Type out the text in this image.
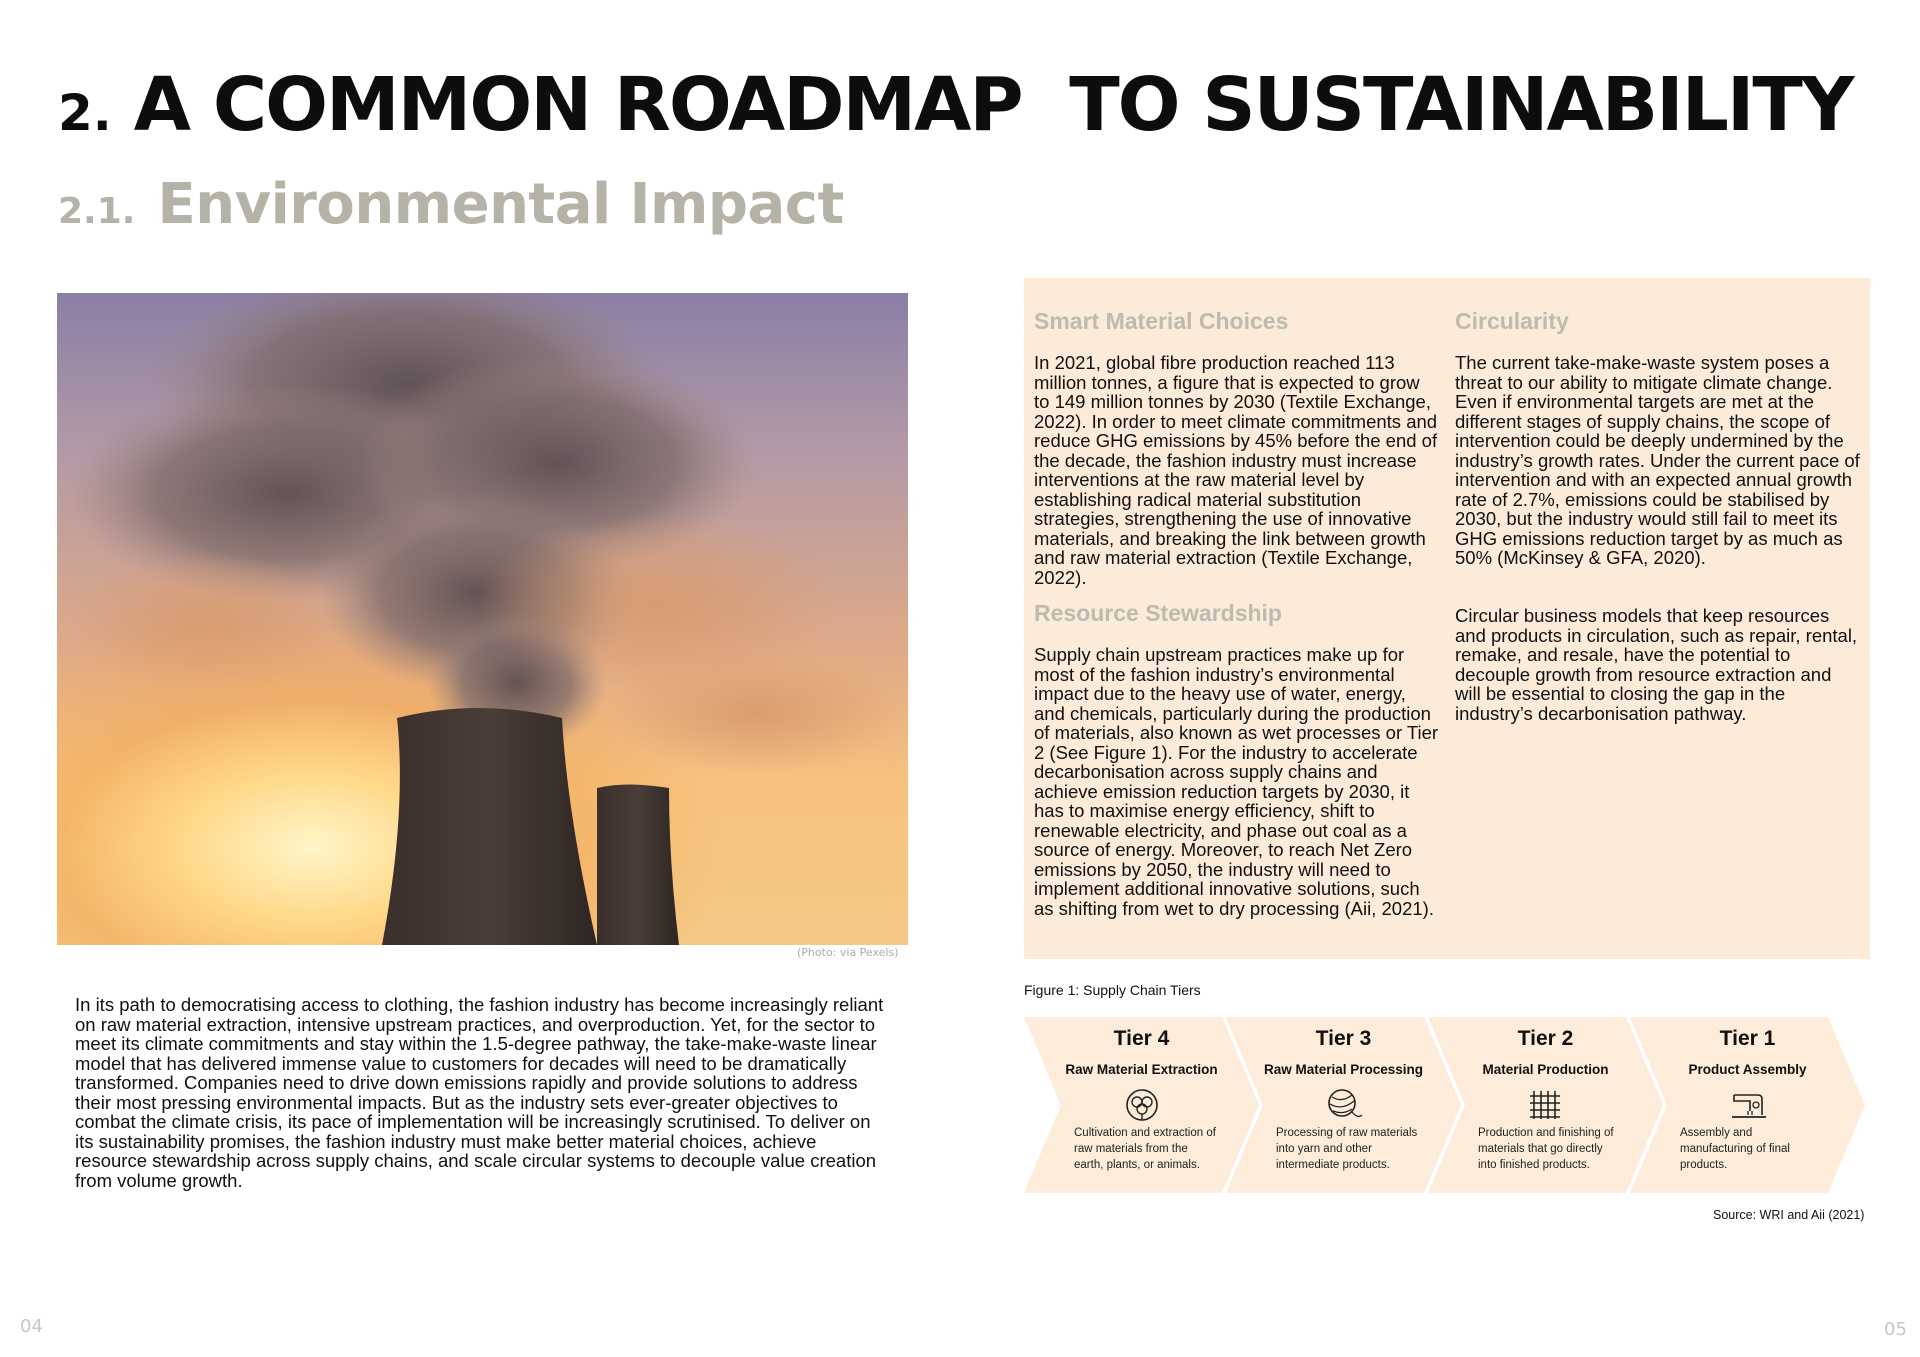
2. A COMMON ROADMAP  TO SUSTAINABILITY
2.1. Environmental Impact
(Photo: via Pexels)
In its path to democratising access to clothing, the fashion industry has become increasingly reliant on raw material extraction, intensive upstream practices, and overproduction. Yet, for the sector to meet its climate commitments and stay within the 1.5-degree pathway, the take-make-waste linear model that has delivered immense value to customers for decades will need to be dramatically transformed. Companies need to drive down emissions rapidly and provide solutions to address their most pressing environmental impacts. But as the industry sets ever-greater objectives to combat the climate crisis, its pace of implementation will be increasingly scrutinised. To deliver on its sustainability promises, the fashion industry must make better material choices, achieve resource stewardship across supply chains, and scale circular systems to decouple value creation from volume growth.
Smart Material Choices
In 2021, global fibre production reached 113 million tonnes, a figure that is expected to grow to 149 million tonnes by 2030 (Textile Exchange, 2022). In order to meet climate commitments and reduce GHG emissions by 45% before the end of the decade, the fashion industry must increase interventions at the raw material level by establishing radical material substitution strategies, strengthening the use of innovative materials, and breaking the link between growth and raw material extraction (Textile Exchange, 2022).
Resource Stewardship
Supply chain upstream practices make up for most of the fashion industry’s environmental impact due to the heavy use of water, energy, and chemicals, particularly during the production of materials, also known as wet processes or Tier 2 (See Figure 1). For the industry to accelerate decarbonisation across supply chains and achieve emission reduction targets by 2030, it has to maximise energy efficiency, shift to renewable electricity, and phase out coal as a source of energy. Moreover, to reach Net Zero emissions by 2050, the industry will need to implement additional innovative solutions, such as shifting from wet to dry processing (Aii, 2021).
Circularity
The current take-make-waste system poses a threat to our ability to mitigate climate change. Even if environmental targets are met at the different stages of supply chains, the scope of intervention could be deeply undermined by the industry’s growth rates. Under the current pace of intervention and with an expected annual growth rate of 2.7%, emissions could be stabilised by 2030, but the industry would still fail to meet its GHG emissions reduction target by as much as 50% (McKinsey & GFA, 2020).
Circular business models that keep resources and products in circulation, such as repair, rental, remake, and resale, have the potential to decouple growth from resource extraction and will be essential to closing the gap in the industry’s decarbonisation pathway.
Figure 1: Supply Chain Tiers
Tier 4
Raw Material Extraction
Cultivation and extraction of raw materials from the earth, plants, or animals.
Tier 3
Raw Material Processing
Processing of raw materials into yarn and other intermediate products.
Tier 2
Material Production
Production and finishing of materials that go directly into finished products.
Tier 1
Product Assembly
Assembly and manufacturing of final products.
Source: WRI and Aii (2021)
04	05
